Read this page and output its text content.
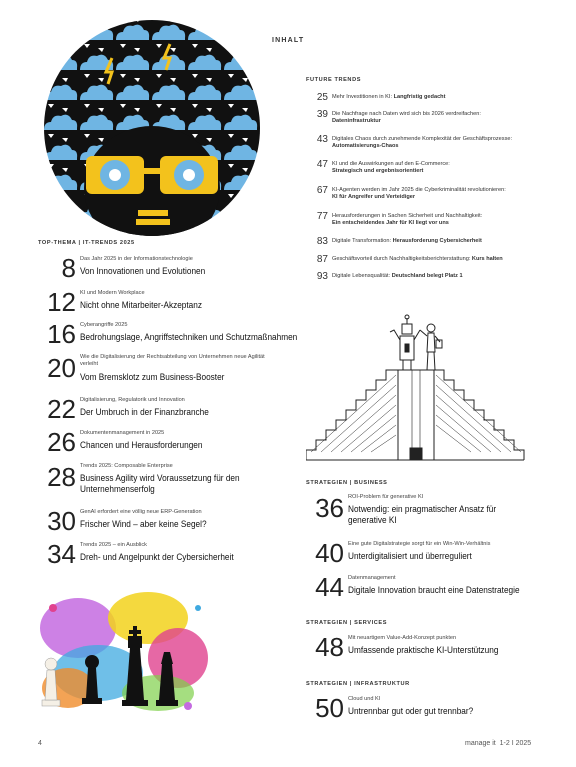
INHALT
FUTURE TRENDS
25 Mehr Investitionen in KI: Langfristig gedacht
39 Die Nachfrage nach Daten wird sich bis 2026 verdreifachen:
Dateninfrastruktur
43 Digitales Chaos durch zunehmende Komplexität der Geschäftsprozesse:
Automatisierungs-Chaos
47 KI und die Auswirkungen auf den E-Commerce:
Strategisch und ergebnisorientiert
67 KI-Agenten werden im Jahr 2025 die Cyberkriminalität revolutionieren:
KI für Angreifer und Verteidiger
77 Herausforderungen in Sachen Sicherheit und Nachhaltigkeit:
Ein entscheidendes Jahr für KI liegt vor uns
83 Digitale Transformation: Herausforderung Cybersicherheit
87 Geschäftsvorteil durch Nachhaltigkeitsberichterstattung: Kurs halten
93 Digitale Lebensqualität: Deutschland belegt Platz 1
TOP-THEMA | IT-TRENDS 2025
8 Das Jahr 2025 in der Informationstechnologie
Von Innovationen und Evolutionen
12 KI und Modern Workplace
Nicht ohne Mitarbeiter-Akzeptanz
16 Cyberangriffe 2025
Bedrohungslage, Angriffstechniken und Schutzmaßnahmen
20 Wie die Digitalisierung der Rechtsabteilung von Unternehmen neue Agilität verleiht
Vom Bremsklotz zum Business-Booster
22 Digitalisierung, Regulatorik und Innovation
Der Umbruch in der Finanzbranche
26 Dokumentenmanagement in 2025
Chancen und Herausforderungen
28 Trends 2025: Composable Enterprise
Business Agility wird Voraussetzung für den Unternehmenserfolg
30 GenAI erfordert eine völlig neue ERP-Generation
Frischer Wind – aber keine Segel?
34 Trends 2025 – ein Ausblick
Dreh- und Angelpunkt der Cybersicherheit
STRATEGIEN | BUSINESS
36 ROI-Problem für generative KI
Notwendig: ein pragmatischer Ansatz für generative KI
40 Eine gute Digitalstrategie sorgt für ein Win-Win-Verhältnis
Unterdigitalisiert und überreguliert
44 Datenmanagement
Digitale Innovation braucht eine Datenstrategie
STRATEGIEN | SERVICES
48 Mit neuartigem Value-Add-Konzept punkten
Umfassende praktische KI-Unterstützung
STRATEGIEN | INFRASTRUKTUR
50 Cloud und KI
Untrennbar gut oder gut trennbar?
4	manage it  1-2 I 2025
